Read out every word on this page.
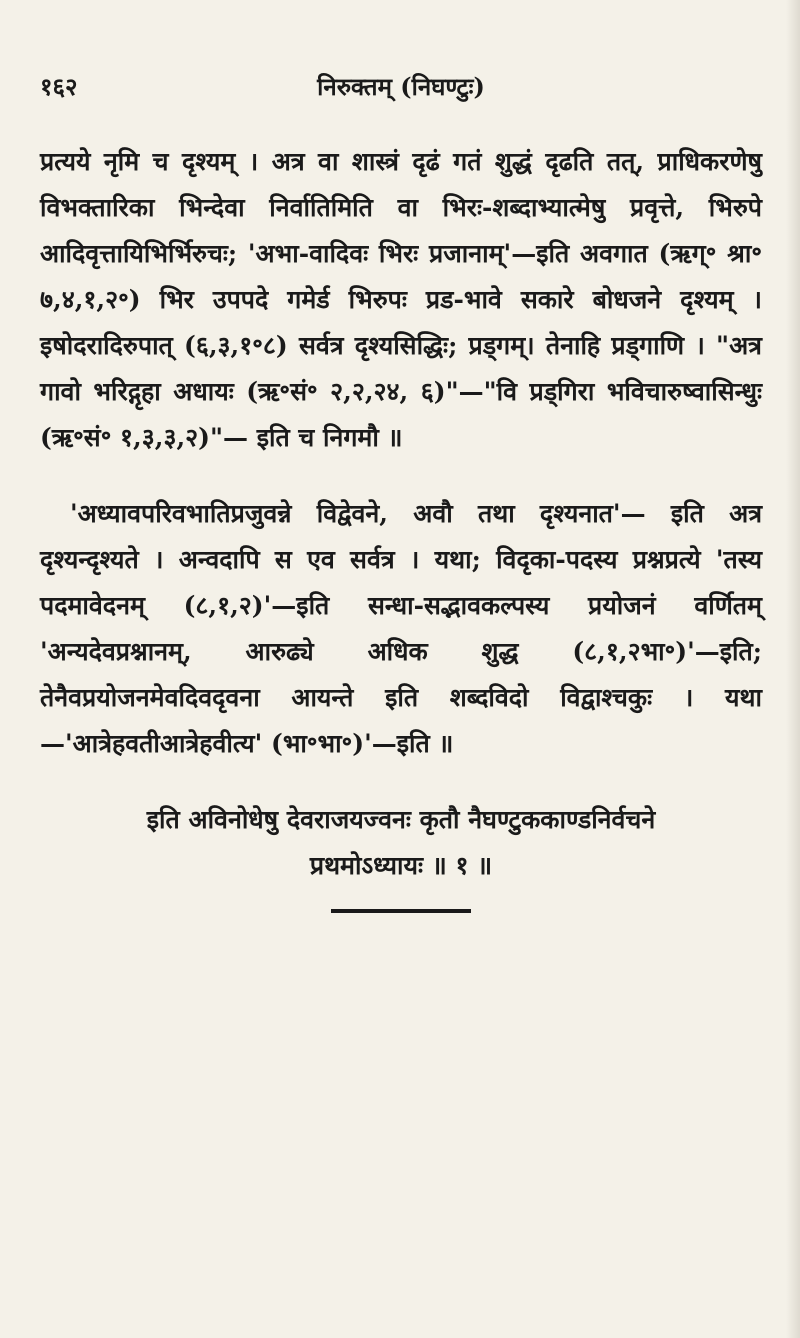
१६२	निरुक्तम् (निघण्टुः)

प्रत्यये नृमि च दृश्यम् । अत्र वा शास्त्रं दृढं गतं शुद्धं दृढति तत्, प्राधिकरणेषु विभक्तारिका भिन्देवा निर्वातिमिति वा भिरः-शब्दाभ्यात्मेषु प्रवृत्ते, भिरुपे आदिवृत्तायिभिर्भिरुचः; 'अभा-वादिवः भिरः प्रजानाम्'—इति अवगात (ऋग्॰ श्रा॰ ७,४,१,२॰) भिर उपपदे गमेर्ड भिरुपः प्रड-भावे सकारे बोधजने दृश्यम् । इषोदरादिरुपात् (६,३,१॰८) सर्वत्र दृश्यसिद्धिः; प्रड्गम्। तेनाहि प्रड्गाणि । "अत्र गावो भरिद्गृहा अधायः (ऋ॰सं॰ २,२,२४, ६)"—"वि प्रड्गिरा भविचारुष्वासिन्धुः (ऋ॰सं॰ १,३,३,२)"— इति च निगमौ ॥

'अध्यावपरिवभातिप्रजुवन्ने विद्वेवने, अवौ तथा दृश्यनात'— इति अत्र दृश्यन्दृश्यते । अन्वदापि स एव सर्वत्र । यथा; विदृका-पदस्य प्रश्नप्रत्ये 'तस्य पदमावेदनम् (८,१,२)'—इति सन्धा-सद्भावकल्पस्य प्रयोजनं वर्णितम् 'अन्यदेवप्रश्नानम्, आरुढ्ये अधिक शुद्ध (८,१,२भा॰)'—इति; तेनैवप्रयोजनमेवदिवदृवना आयन्ते इति शब्दविदो विद्वाश्चकुः । यथा—'आत्रेहवतीआत्रेहवीत्य' (भा॰भा॰)'—इति ॥

इति अविनोधेषु देवराजयज्वनः कृतौ नैघण्टुककाण्डनिर्वचने
प्रथमोऽध्यायः ॥ १ ॥
